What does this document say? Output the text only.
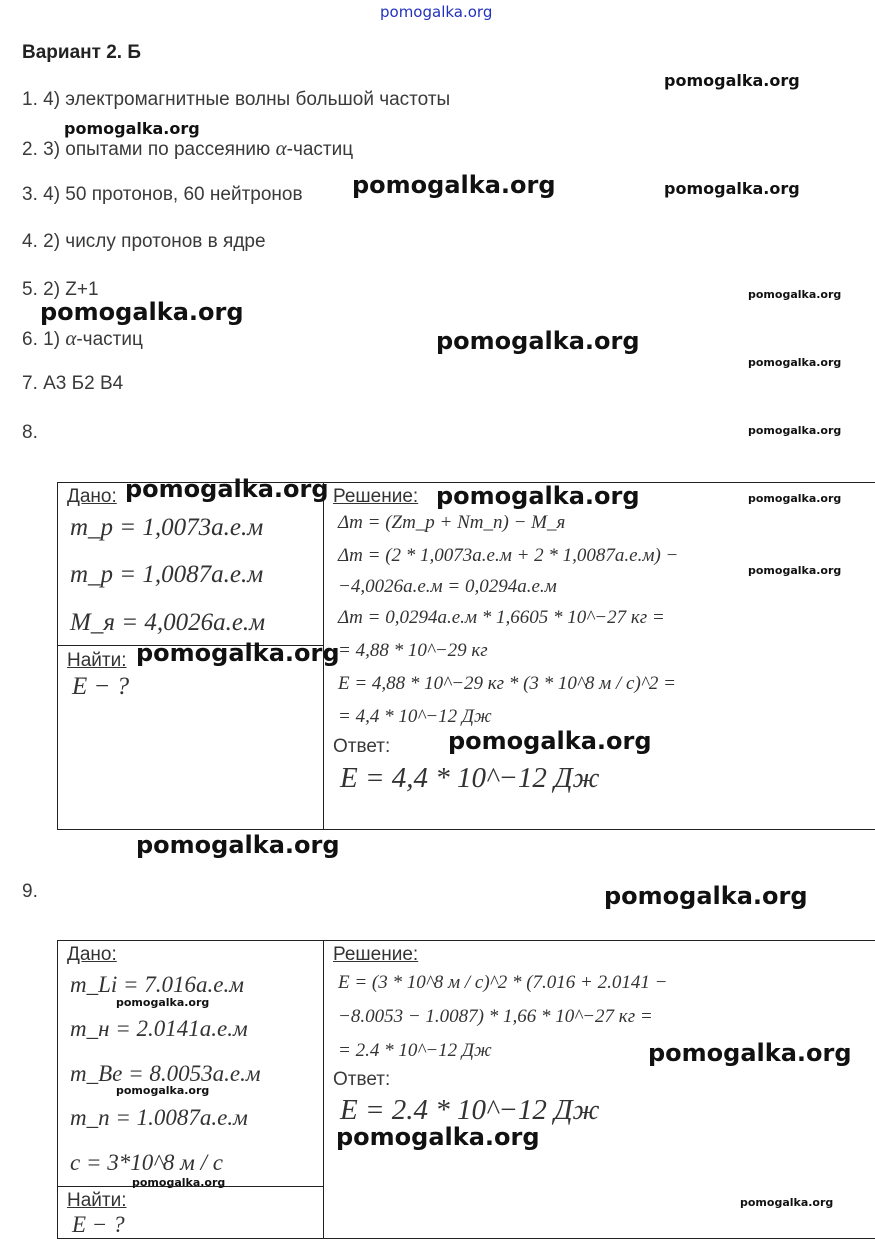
pomogalka.org
Вариант 2. Б
1. 4) электромагнитные волны большой частоты
2. 3) опытами по рассеянию α-частиц
3. 4) 50 протонов, 60 нейтронов
4. 2) числу протонов в ядре
5. 2) Z+1
6. 1) α-частиц
7. А3 Б2 В4
8.
Дано:
m_p = 1,0073а.е.м
m_p = 1,0087а.е.м
M_я = 4,0026а.е.м
Найти:
E − ?
Решение:
Δm = (Zm_p + Nm_n) − M_я
Δm = (2 * 1,0073а.е.м + 2 * 1,0087а.е.м) −
−4,0026а.е.м = 0,0294а.е.м
Δm = 0,0294а.е.м * 1,6605 * 10^−27 кг =
= 4,88 * 10^−29 кг
E = 4,88 * 10^−29 кг * (3 * 10^8 м / с)^2 =
= 4,4 * 10^−12 Дж
Ответ:
E = 4,4 * 10^−12 Дж
9.
Дано:
m_Li = 7.016а.е.м
m_н = 2.0141а.е.м
m_Be = 8.0053а.е.м
m_n = 1.0087а.е.м
c = 3*10^8 м / с
Найти:
E − ?
Решение:
E = (3 * 10^8 м / с)^2 * (7.016 + 2.0141 −
−8.0053 − 1.0087) * 1,66 * 10^−27 кг =
= 2.4 * 10^−12 Дж
Ответ:
E = 2.4 * 10^−12 Дж
pomogalka.org
pomogalka.org
pomogalka.org	pomogalka.org
pomogalka.org
pomogalka.org
pomogalka.org
pomogalka.org
pomogalka.org
pomogalka.org	pomogalka.org	pomogalka.org
pomogalka.org
pomogalka.org
pomogalka.org
pomogalka.org
pomogalka.org
pomogalka.org
pomogalka.org
pomogalka.org
pomogalka.org
pomogalka.org
pomogalka.org
